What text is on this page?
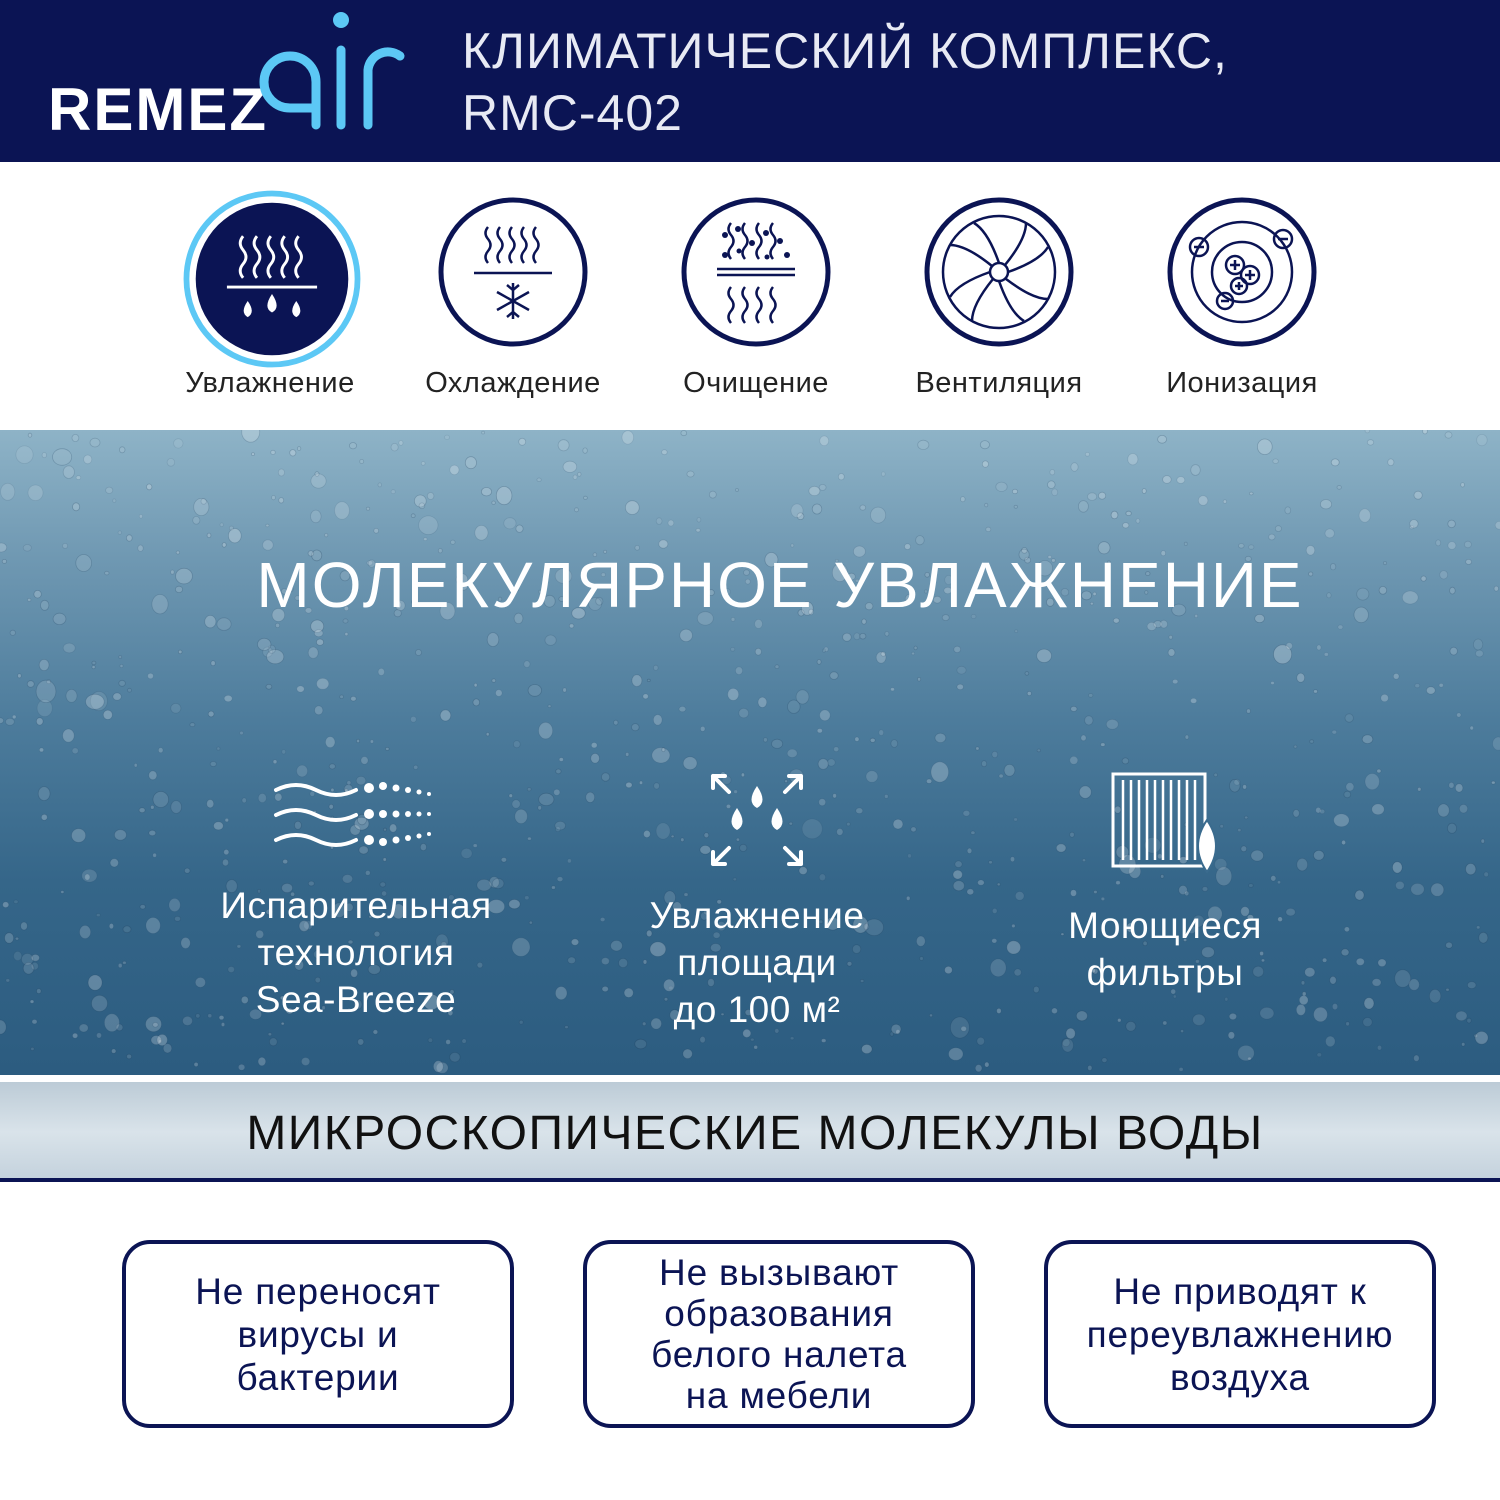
REMEZ
КЛИМАТИЧЕСКИЙ КОМПЛЕКС,
RMC-402
Увлажнение	Охлаждение	Очищение	Вентиляция	Ионизация
МОЛЕКУЛЯРНОЕ УВЛАЖНЕНИЕ
Испарительная
технология
Sea-Breeze
Увлажнение
площади
до 100 м²
Моющиеся
фильтры
МИКРОСКОПИЧЕСКИЕ МОЛЕКУЛЫ ВОДЫ
Не переносят
вирусы и
бактерии
Не вызывают
образования
белого налета
на мебели
Не приводят к
переувлажнению
воздуха
